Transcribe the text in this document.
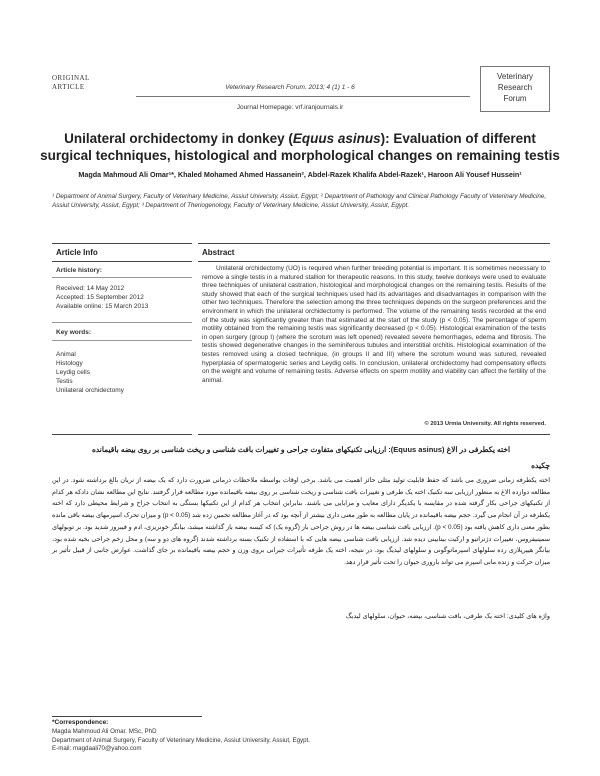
ORIGINAL
ARTICLE	Veterinary Research Forum. 2013; 4 (1) 1 - 6
Journal Homepage: vrf.iranjournals.ir
Veterinary
Research
Forum
Unilateral orchidectomy in donkey (Equus asinus): Evaluation of different surgical techniques, histological and morphological changes on remaining testis
Magda Mahmoud Ali Omar¹*, Khaled Mohamed Ahmed Hassanein², Abdel-Razek Khalifa Abdel-Razek¹, Haroon Ali Yousef Hussein¹
¹ Department of Animal Surgery, Faculty of Veterinary Medicine, Assiut University, Assiut, Egypt; ² Department of Pathology and Clinical Pathology Faculty of Veterinary Medicine, Assiut University, Assiut, Egypt; ³ Department of Theriogenology, Faculty of Veterinary Medicine, Assiut University, Assiut, Egypt.
Article Info
Article history:
Received: 14 May 2012
Accepted: 15 September 2012
Available online: 15 March 2013
Key words:
Animal
Histology
Leydig cells
Testis
Unilateral orchidectomy
Abstract
Unilateral orchidectomy (UO) is required when further breeding potential is important. It is sometimes necessary to remove a single testis in a matured stallion for therapeutic reasons. In this study, twelve donkeys were used to evaluate three techniques of unilateral castration, histological and morphological changes on the remaining testis. Results of the study showed that each of the surgical techniques used had its advantages and disadvantages in comparison with the other two techniques. Therefore the selection among the three techniques depends on the surgeon preferences and the environment in which the unilateral orchidectomy is performed. The volume of the remaining testis recorded at the end of the study was significantly greater than that estimated at the start of the study (p < 0.05). The percentage of sperm motility obtained from the remaining testis was significantly decreased (p < 0.05). Histological examination of the testis in open surgery (group I) (where the scrotum was left opened) revealed severe hemorrhages, edema and fibrosis. The testis showed degenerative changes in the seminiferous tubules and interstitial orchitis. Histological examination of the testes removed using a closed technique, (in groups II and III) where the scrotum wound was sutured, revealed hyperplasia of spermatogenic series and Leydig cells. In conclusion, unilateral orchidectomy had compensatory effects on the weight and volume of remaining testis. Adverse effects on sperm motility and viability can affect the fertility of the animal.
© 2013 Urmia University. All rights reserved.
اخته یکطرفی در الاغ (Equus asinus): ارزیابی تکنیکهای متفاوت جراحی و تغییرات بافت شناسی و ریخت شناسی بر روی بیضه باقیمانده
چکیده
اخته یکطرفه زمانی ضروری می باشد که حفظ قابلیت تولید مثلی حائز اهمیت می باشد. برخی اوقات بواسطه ملاحظات درمانی ضرورت دارد که یک بیضه از نریان بالغ برداشته شود. در این مطالعه دوازده الاغ به منظور ارزیابی سه تکنیک اخته یک طرفی و تغییرات بافت شناسی و ریخت شناسی بر روی بیضه باقیمانده مورد مطالعه قرار گرفتند. نتایج این مطالعه نشان دادکه هر کدام از تکنیکهای جراحی بکار گرفته شده در مقایسه با یکدیگر دارای معایب و مزایایی می باشند. بنابراین انتخاب هر کدام از این تکنیکها بستگی به انتخاب جراح و شرایط محیطی دارد که اخته یکطرفه در آن انجام می گیرد. حجم بیضه باقیمانده در پایان مطالعه به طور معنی داری بیشتر از آنچه بود که در آغاز مطالعه تخمین زده شد (p < 0.05) و میزان تحرک اسپرمهای بیضه باقی مانده بطور معنی داری کاهش یافته بود (p < 0.05). ارزیابی بافت شناسی بیضه ها در روش جراحی باز (گروه یک) که کیسه بیضه باز گذاشته میشد، بیانگر خونریزی، ادم و فیبروز شدید بود. بر توبولهای سمینیفروس، تغییرات دژنراتیو و ارکیت بینابینی دیده شد. ارزیابی بافت شناسی بیضه هایی که با استفاده از تکنیک بسته برداشته شدند (گروه های دو و سه) و محل زخم جراحی بخیه شده بود، بیانگر هیپرپلازی رده سلولهای اسپرماتوگونی و سلولهای لیدیگ بود. در نتیجه، اخته یک طرفه تأثیرات جبرانی بروی وزن و حجم بیضه باقیمانده بر جای گذاشت. عوارض جانبی از قبیل تأثیر بر میزان حرکت و زنده مانی اسپرم می تواند باروری حیوان را تحت تأثیر قرار دهد.
واژه های کلیدی: اخته یک طرفی، بافت شناسی، بیضه، حیوان، سلولهای لیدیگ
*Correspondence:
Magda Mahmoud Ali Omar. MSc, PhD
Department of Animal Surgery, Faculty of Veterinary Medicine, Assiut University, Assiut, Egypt.
E-mail: magdaali70@yahoo.com
